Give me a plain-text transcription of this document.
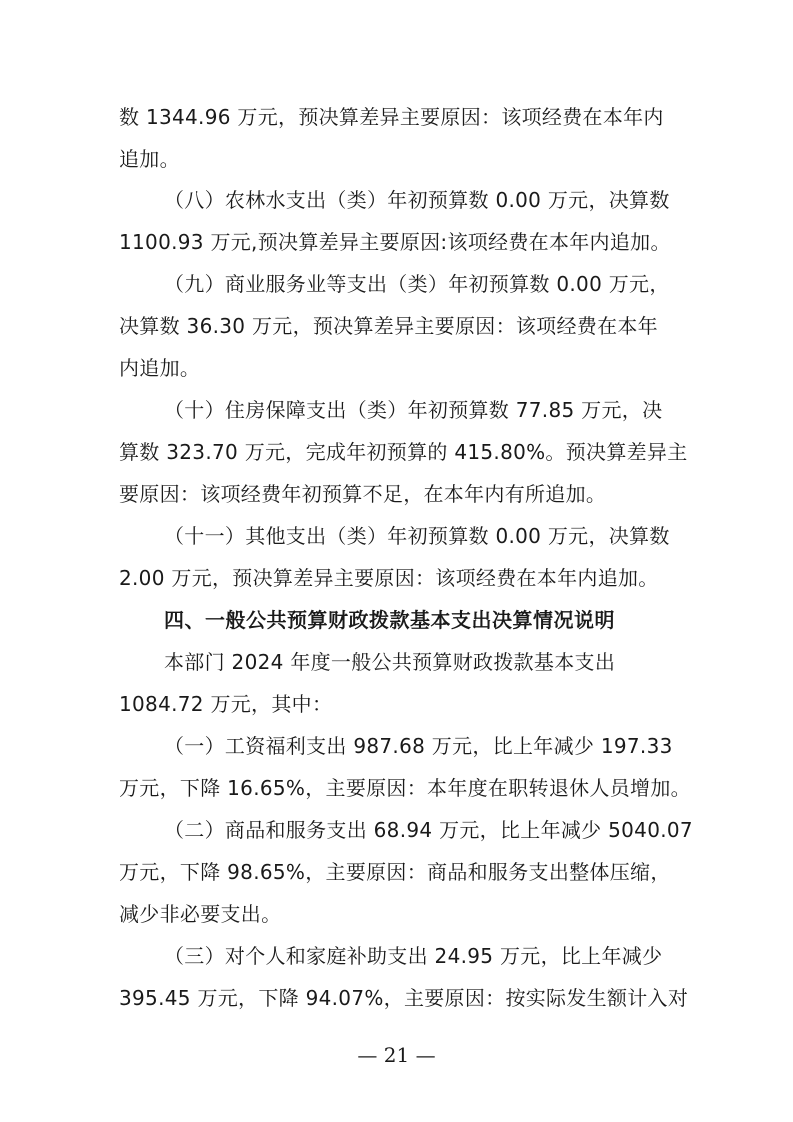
数 1344.96 万元，预决算差异主要原因：该项经费在本年内
追加。
（八）农林水支出（类）年初预算数 0.00 万元，决算数
1100.93 万元,预决算差异主要原因:该项经费在本年内追加。
（九）商业服务业等支出（类）年初预算数 0.00 万元，
决算数 36.30 万元，预决算差异主要原因：该项经费在本年
内追加。
（十）住房保障支出（类）年初预算数 77.85 万元，决
算数 323.70 万元，完成年初预算的 415.80%。预决算差异主
要原因：该项经费年初预算不足，在本年内有所追加。
（十一）其他支出（类）年初预算数 0.00 万元，决算数
2.00 万元，预决算差异主要原因：该项经费在本年内追加。
四、一般公共预算财政拨款基本支出决算情况说明
本部门 2024 年度一般公共预算财政拨款基本支出
1084.72 万元，其中：
（一）工资福利支出 987.68 万元，比上年减少 197.33
万元，下降 16.65%，主要原因：本年度在职转退休人员增加。
（二）商品和服务支出 68.94 万元，比上年减少 5040.07
万元，下降 98.65%，主要原因：商品和服务支出整体压缩，
减少非必要支出。
（三）对个人和家庭补助支出 24.95 万元，比上年减少
395.45 万元，下降 94.07%，主要原因：按实际发生额计入对
— 21 —
